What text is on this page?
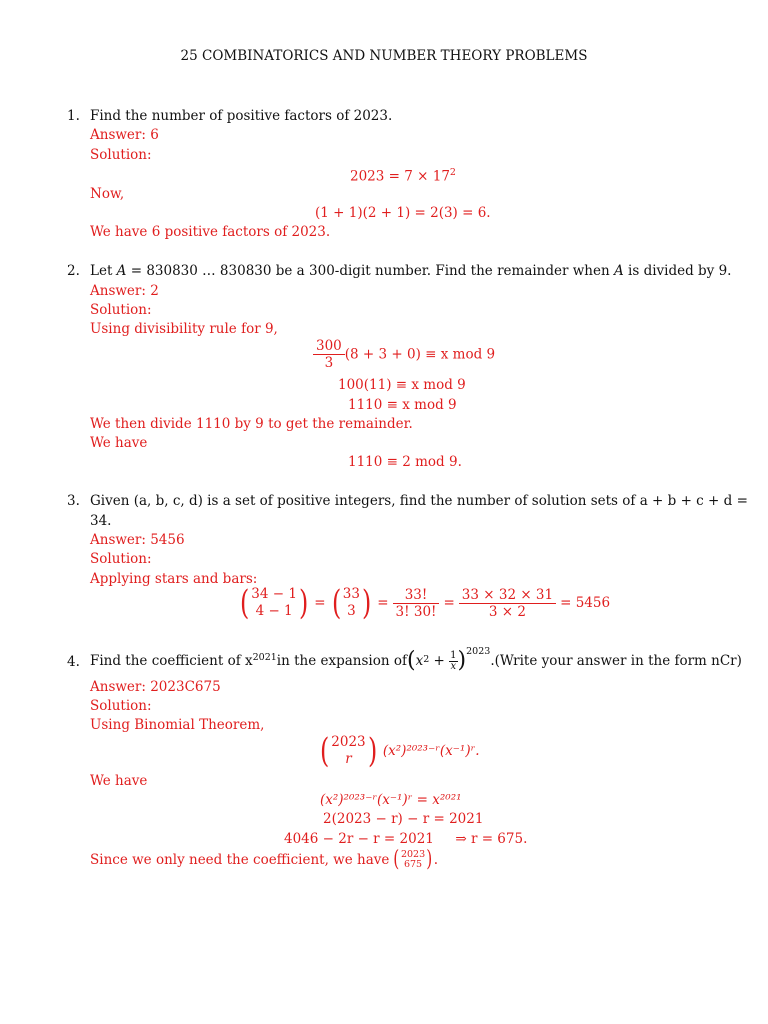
25 COMBINATORICS AND NUMBER THEORY PROBLEMS
1. Find the number of positive factors of 2023.
Answer: 6
Solution:
$2023 = 7 \times 17^2$
Now,
(1 + 1)(2 + 1) = 2(3) = 6.
We have 6 positive factors of 2023.
2. Let A = 830830 … 830830 be a 300-digit number. Find the remainder when A is divided by 9.
Answer: 2
Solution:
Using divisibility rule for 9,
$\frac{300}{3} (8 + 3 + 0) \equiv x$ mod 9
100(11) ≡ x mod 9
1110 ≡ x mod 9
We then divide 1110 by 9 to get the remainder.
We have
1110 ≡ 2 mod 9.
3. Given (a, b, c, d) is a set of positive integers, find the number of solution sets of a + b + c + d =
34.
Answer: 5456
Solution:
Applying stars and bars:
( 34 − 1
4 − 1 ) = ( 33
3 ) = $\frac{33!}{3! 30!} = \frac{33 \times 32 \times 31}{3 \times 2} = 5456$
4. Find the coefficient of $x^{2021}$ in the expansion of ( x $2 + \frac{1}{x} )^{2023}$
.(Write your answer in the form nCr)
Answer: 2023C675
Solution:
Using Binomial Theorem,
( 2023
r ) (x²)²⁰²³⁻ʳ(x⁻¹)ʳ.
We have
(x²)²⁰²³⁻ʳ(x⁻¹)ʳ = x²⁰²¹
2(2023 − r) − r = 2021
4046 − 2r − r = 2021     ⇒ r = 675.
Since we only need the coefficient, we have ( 2023
675 ) .
